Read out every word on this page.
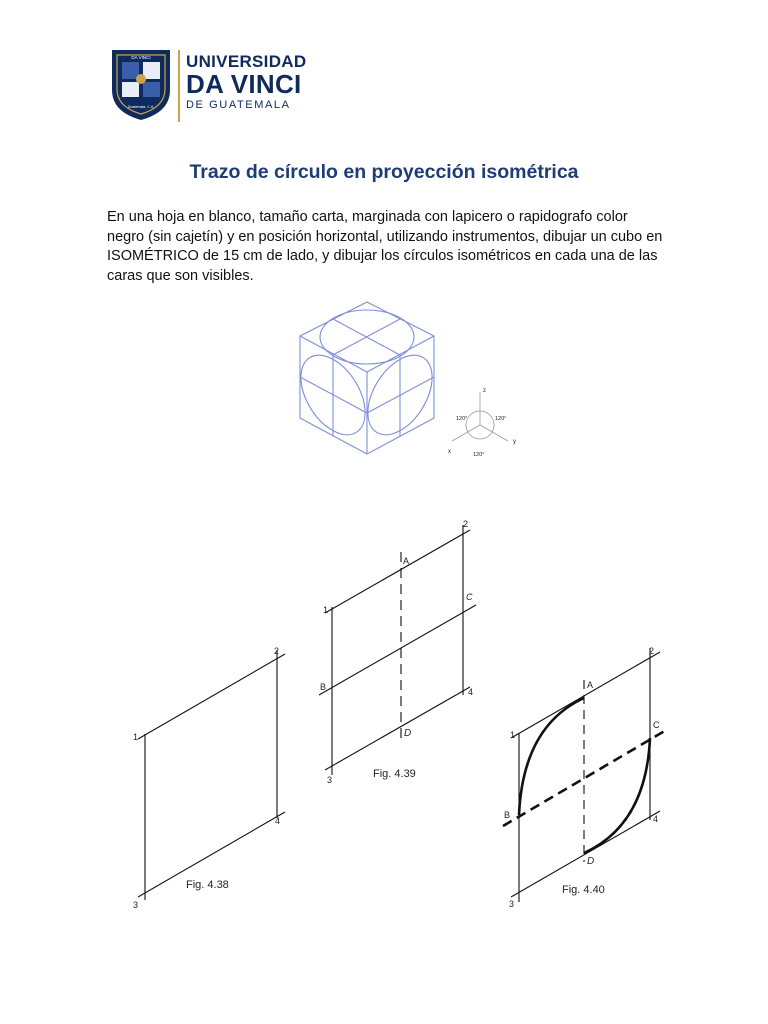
DA VINCI
Guatemala, C.A.
UNIVERSIDAD
DA VINCI
DE GUATEMALA
Trazo de círculo en proyección isométrica
En una hoja en blanco, tamaño carta, marginada con lapicero o rapidografo color negro (sin cajetín) y en posición horizontal, utilizando instrumentos, dibujar un cubo en ISOMÉTRICO de 15 cm de lado, y dibujar los círculos isométricos en cada una de las caras que son visibles.
z
x
y
120°	120°
120°
1
2
3
4
Fig. 4.38
1
2
3
4
A
B
C
D
Fig. 4.39
1
2
3
4
A
B
C
D
Fig. 4.40
